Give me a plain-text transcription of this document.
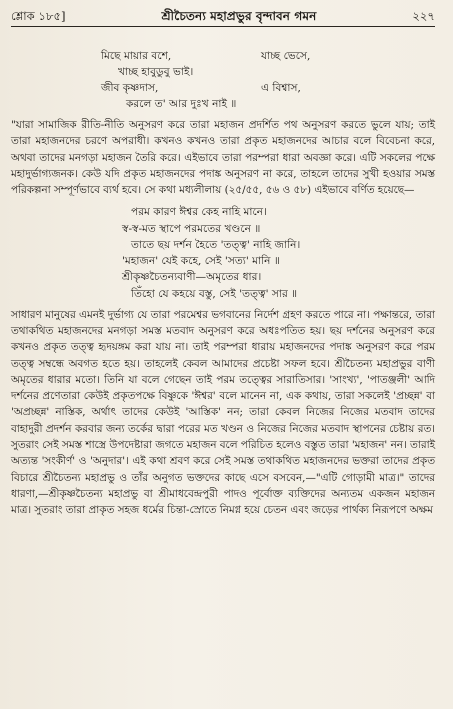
শ্লোক ১৮৫]	শ্রীচৈতন্য মহাপ্রভুর বৃন্দাবন গমন	২২৭
মিছে মায়ার বশে,	যাচ্ছ ভেসে,
খাচ্ছ হাবুডুবু ভাই।
জীব কৃষ্ণদাস,	এ বিশ্বাস,
করলে ত' আর দুঃখ নাই ॥

"যারা সামাজিক রীতি-নীতি অনুসরণ করে তারা মহাজন প্রদর্শিত পথ অনুসরণ করতে ভুলে যায়; তাই তারা মহাজনদের চরণে অপরাধী। কখনও কখনও তারা প্রকৃত মহাজনদের আচার বলে বিবেচনা করে, অথবা তাদের মনগড়া মহাজন তৈরি করে। এইভাবে তারা পরম্পরা ধারা অবজ্ঞা করে। এটি সকলের পক্ষে মহাদুর্ভাগ্যজনক। কেউ যদি প্রকৃত মহাজনদের পদাঙ্ক অনুসরণ না করে, তাহলে তাদের সুখী হওয়ার সমস্ত পরিকল্পনা সম্পূর্ণভাবে ব্যর্থ হবে। সে কথা মধ্যলীলায় (২৫/৫৫, ৫৬ ও ৫৮) এইভাবে বর্ণিত হয়েছে—

পরম কারণ ঈশ্বর কেহ নাহি মানে।
স্ব-স্ব-মত স্থাপে পরমতের খণ্ডনে ॥
তাতে ছয় দর্শন হৈতে 'তত্ত্ব' নাহি জানি।
'মহাজন' যেই কহে, সেই 'সত্য' মানি ॥
শ্রীকৃষ্ণচৈতন্যবাণী—অমৃতের ধার।
তিঁহো যে কহয়ে বস্তু, সেই 'তত্ত্ব' সার ॥

সাধারণ মানুষের এমনই দুর্ভাগ্য যে তারা পরমেশ্বর ভগবানের নির্দেশ গ্রহণ করতে পারে না। পক্ষান্তরে, তারা তথাকথিত মহাজনদের মনগড়া সমস্ত মতবাদ অনুসরণ করে অধঃপতিত হয়। ছয় দর্শনের অনুসরণ করে কখনও প্রকৃত তত্ত্ব হৃদয়ঙ্গম করা যায় না। তাই পরম্পরা ধারায় মহাজনদের পদাঙ্ক অনুসরণ করে পরম তত্ত্ব সম্বন্ধে অবগত হতে হয়। তাহলেই কেবল আমাদের প্রচেষ্টা সফল হবে। শ্রীচৈতন্য মহাপ্রভুর বাণী অমৃতের ধারার মতো। তিনি যা বলে গেছেন তাই পরম তত্ত্বের সারাতিসার। 'সাংখ্য', 'পাতঞ্জলী' আদি দর্শনের প্রণেতারা কেউই প্রকৃতপক্ষে বিষ্ণুকে 'ঈশ্বর' বলে মানেন না, এক কথায়, তারা সকলেই 'প্রচ্ছন্ন' বা 'অপ্রচ্ছন্ন' নাস্তিক, অর্থাৎ তাদের কেউই 'আস্তিক' নন; তারা কেবল নিজের নিজের মতবাদ তাদের বাহাদুরী প্রদর্শন করবার জন্য তর্কের দ্বারা পরের মত খণ্ডন ও নিজের নিজের মতবাদ স্থাপনের চেষ্টায় রত। সুতরাং সেই সমস্ত শাস্ত্রে উপদেষ্টারা জগতে মহাজন বলে পরিচিত হলেও বস্তুত তারা 'মহাজন' নন। তারাই অত্যন্ত 'সংকীর্ণ' ও 'অনুদার'। এই কথা শ্রবণ করে সেই সমস্ত তথাকথিত মহাজনদের ভক্তরা তাদের প্রকৃত বিচারে শ্রীচৈতন্য মহাপ্রভু ও তাঁর অনুগত ভক্তদের কাছে এসে বসবেন,—"এটি গোড়ামী মাত্র।" তাদের ধারণা,—শ্রীকৃষ্ণচৈতন্য মহাপ্রভু বা শ্রীমাধবেন্দ্রপুরী পাদও পূর্বোক্ত ব্যক্তিদের অন্যতম একজন মহাজন মাত্র। সুতরাং তারা প্রাকৃত সহজ ধর্মের চিন্তা-স্রোতে নিমগ্ন হয়ে চেতন এবং জড়ের পার্থক্য নিরূপণে অক্ষম
